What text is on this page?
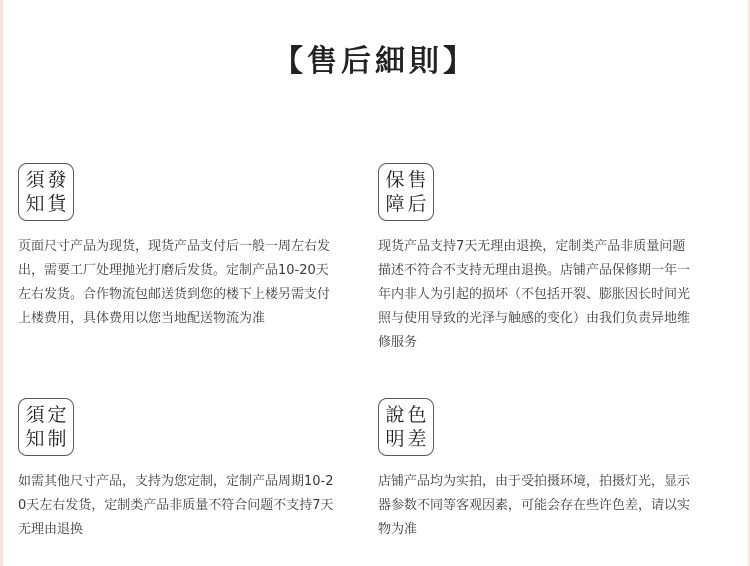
【售后細則】
須 發
知 貨
页面尺寸产品为现货，现货产品支付后一般一周左右发出，需要工厂处理抛光打磨后发货。定制产品10-20天左右发货。合作物流包邮送货到您的楼下上楼另需支付上楼费用，具体费用以您当地配送物流为准
保 售
障 后
现货产品支持7天无理由退换，定制类产品非质量问题描述不符合不支持无理由退换。店铺产品保修期一年一年内非人为引起的损坏（不包括开裂、膨胀因长时间光照与使用导致的光泽与触感的变化）由我们负责异地维修服务
須 定
知 制
如需其他尺寸产品，支持为您定制，定制产品周期10-20天左右发货，定制类产品非质量不符合问题不支持7天无理由退换
說 色
明 差
店铺产品均为实拍，由于受拍摄环境，拍摄灯光，显示器参数不同等客观因素，可能会存在些许色差，请以实物为准
